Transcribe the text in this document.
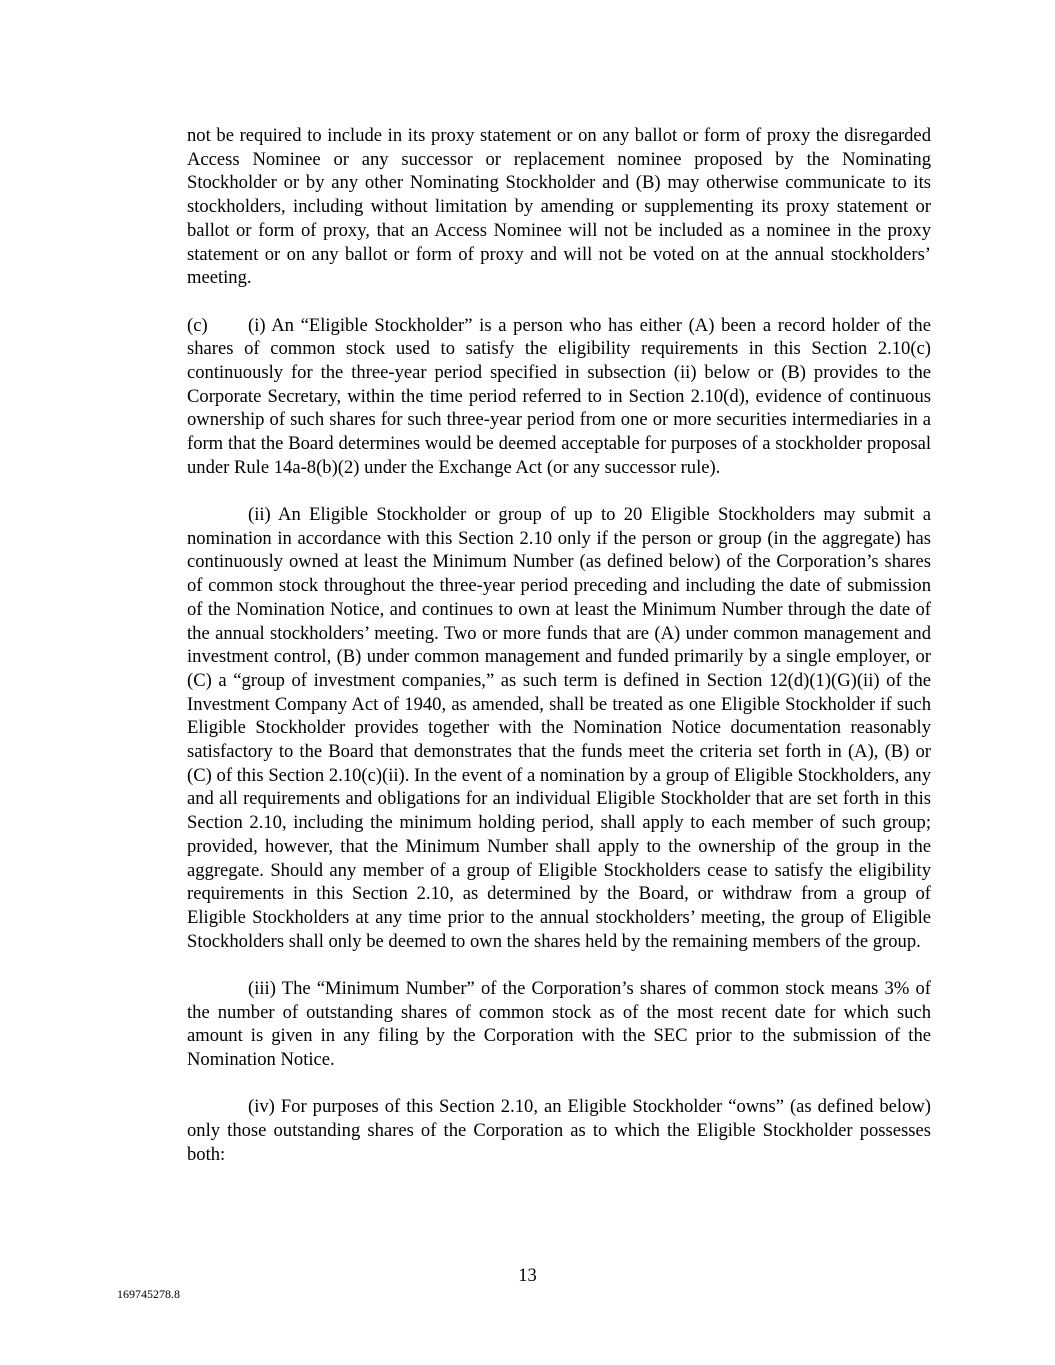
not be required to include in its proxy statement or on any ballot or form of proxy the disregarded Access Nominee or any successor or replacement nominee proposed by the Nominating Stockholder or by any other Nominating Stockholder and (B) may otherwise communicate to its stockholders, including without limitation by amending or supplementing its proxy statement or ballot or form of proxy, that an Access Nominee will not be included as a nominee in the proxy statement or on any ballot or form of proxy and will not be voted on at the annual stockholders’ meeting.

(c) (i) An “Eligible Stockholder” is a person who has either (A) been a record holder of the shares of common stock used to satisfy the eligibility requirements in this Section 2.10(c) continuously for the three-year period specified in subsection (ii) below or (B) provides to the Corporate Secretary, within the time period referred to in Section 2.10(d), evidence of continuous ownership of such shares for such three-year period from one or more securities intermediaries in a form that the Board determines would be deemed acceptable for purposes of a stockholder proposal under Rule 14a-8(b)(2) under the Exchange Act (or any successor rule).

(ii) An Eligible Stockholder or group of up to 20 Eligible Stockholders may submit a nomination in accordance with this Section 2.10 only if the person or group (in the aggregate) has continuously owned at least the Minimum Number (as defined below) of the Corporation’s shares of common stock throughout the three-year period preceding and including the date of submission of the Nomination Notice, and continues to own at least the Minimum Number through the date of the annual stockholders’ meeting. Two or more funds that are (A) under common management and investment control, (B) under common management and funded primarily by a single employer, or (C) a “group of investment companies,” as such term is defined in Section 12(d)(1)(G)(ii) of the Investment Company Act of 1940, as amended, shall be treated as one Eligible Stockholder if such Eligible Stockholder provides together with the Nomination Notice documentation reasonably satisfactory to the Board that demonstrates that the funds meet the criteria set forth in (A), (B) or (C) of this Section 2.10(c)(ii). In the event of a nomination by a group of Eligible Stockholders, any and all requirements and obligations for an individual Eligible Stockholder that are set forth in this Section 2.10, including the minimum holding period, shall apply to each member of such group; provided, however, that the Minimum Number shall apply to the ownership of the group in the aggregate. Should any member of a group of Eligible Stockholders cease to satisfy the eligibility requirements in this Section 2.10, as determined by the Board, or withdraw from a group of Eligible Stockholders at any time prior to the annual stockholders’ meeting, the group of Eligible Stockholders shall only be deemed to own the shares held by the remaining members of the group.

(iii) The “Minimum Number” of the Corporation’s shares of common stock means 3% of the number of outstanding shares of common stock as of the most recent date for which such amount is given in any filing by the Corporation with the SEC prior to the submission of the Nomination Notice.

(iv) For purposes of this Section 2.10, an Eligible Stockholder “owns” (as defined below) only those outstanding shares of the Corporation as to which the Eligible Stockholder possesses both:

13
169745278.8
